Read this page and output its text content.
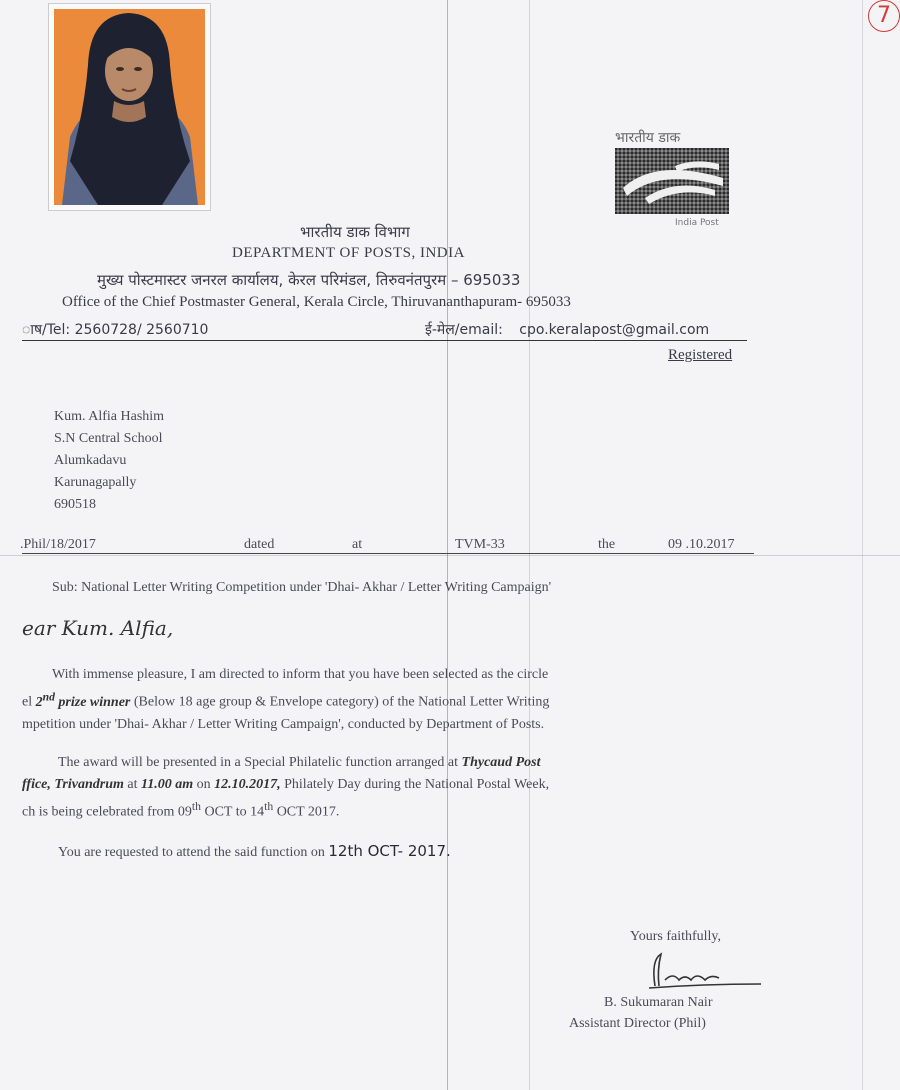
7
भारतीय डाक
India Post
भारतीय डाक विभाग
DEPARTMENT OF POSTS, INDIA
मुख्य पोस्टमास्टर जनरल कार्यालय, केरल परिमंडल, तिरुवनंतपुरम – 695033
Office of the Chief Postmaster General, Kerala Circle, Thiruvananthapuram- 695033
ाष/Tel: 2560728/ 2560710	ई-मेल/email: cpo.keralapost@gmail.com
Registered
Kum. Alfia Hashim
S.N Central School
Alumkadavu
Karunagapally
690518
.Phil/18/2017	dated	at	TVM-33	the	09 .10.2017
Sub: National Letter Writing Competition under 'Dhai- Akhar / Letter Writing Campaign'
ear Kum. Alfia,
With immense pleasure, I am directed to inform that you have been selected as the circle
el 2nd prize winner (Below 18 age group & Envelope category) of the National Letter Writing
mpetition under 'Dhai- Akhar / Letter Writing Campaign', conducted by Department of Posts.
The award will be presented in a Special Philatelic function arranged at Thycaud Post
ffice, Trivandrum at 11.00 am on 12.10.2017, Philately Day during the National Postal Week,
ch is being celebrated from 09th OCT to 14th OCT 2017.
You are requested to attend the said function on 12th OCT- 2017.
Yours faithfully,
B. Sukumaran Nair
Assistant Director (Phil)
